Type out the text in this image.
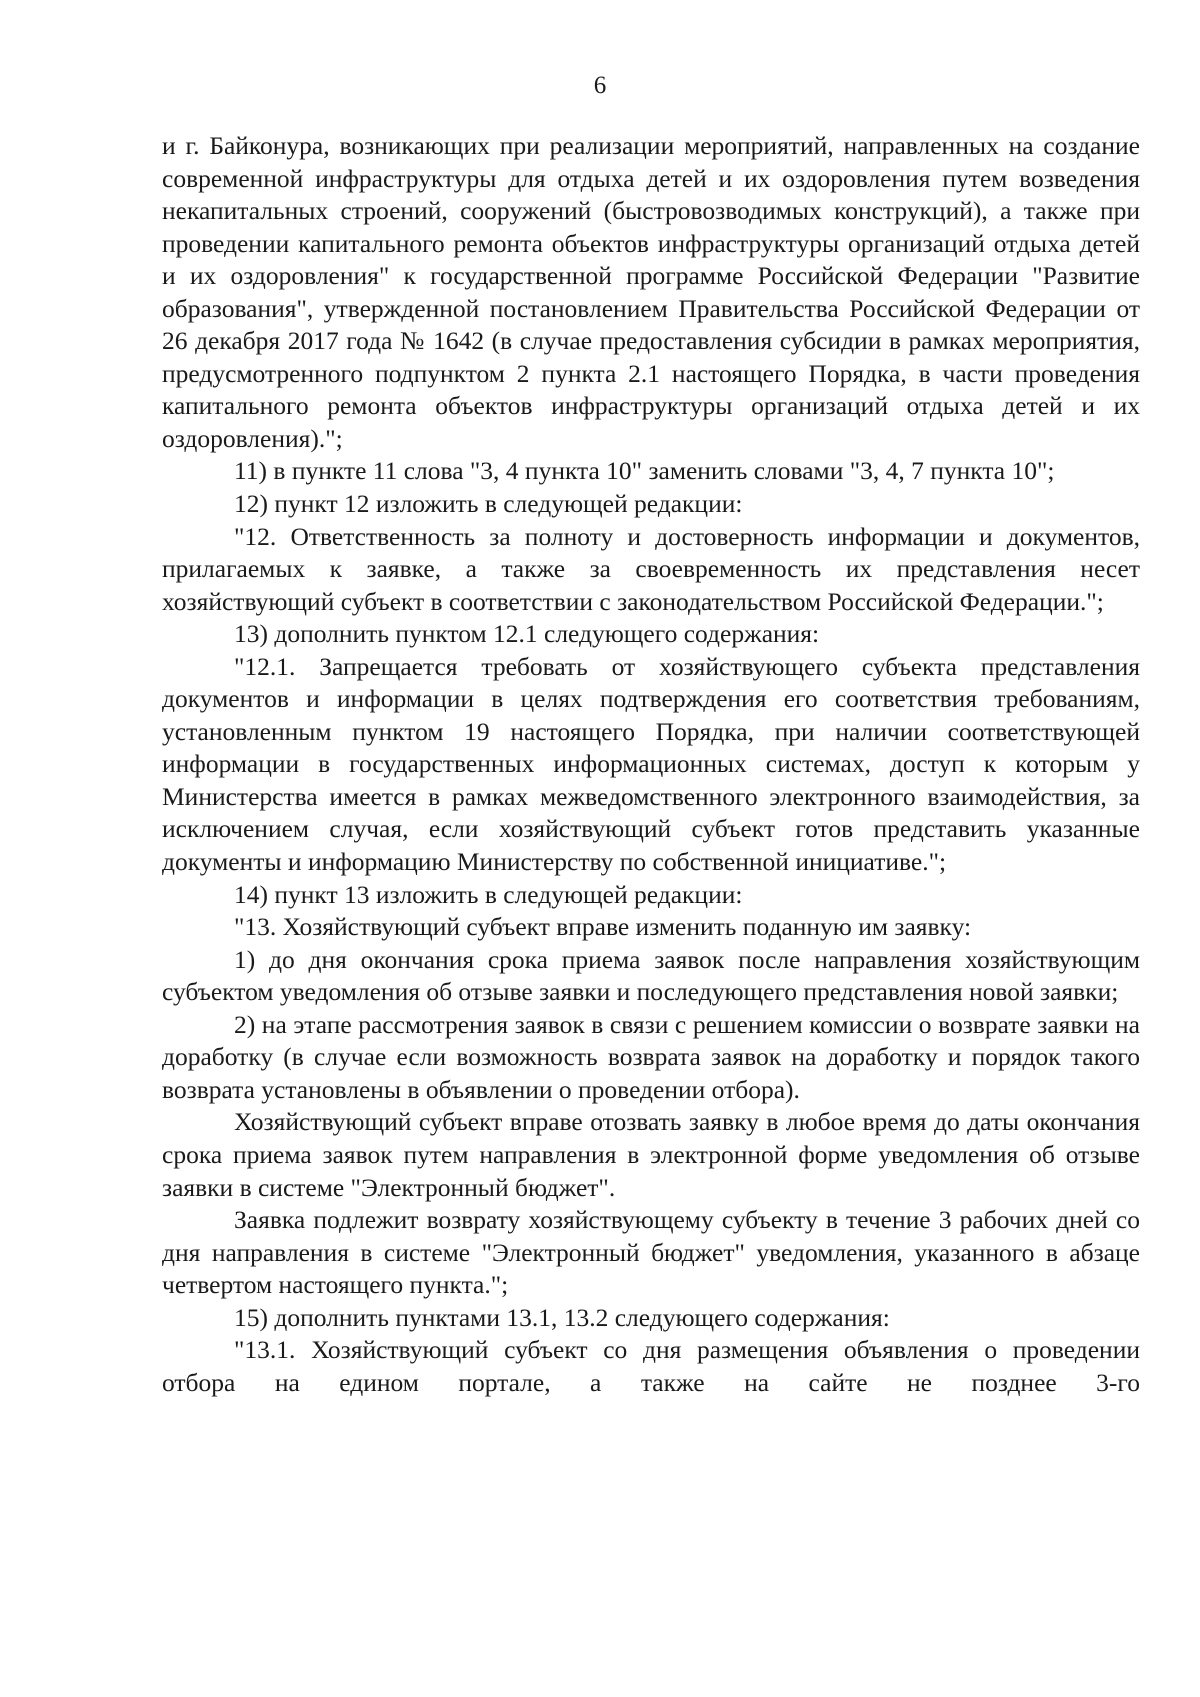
6

и г. Байконура, возникающих при реализации мероприятий, направленных на создание современной инфраструктуры для отдыха детей и их оздоровления путем возведения некапитальных строений, сооружений (быстровозводимых конструкций), а также при проведении капитального ремонта объектов инфраструктуры организаций отдыха детей и их оздоровления" к государственной программе Российской Федерации "Развитие образования", утвержденной постановлением Правительства Российской Федерации от 26 декабря 2017 года № 1642 (в случае предоставления субсидии в рамках мероприятия, предусмотренного подпунктом 2 пункта 2.1 настоящего Порядка, в части проведения капитального ремонта объектов инфраструктуры организаций отдыха детей и их оздоровления).";

11) в пункте 11 слова "3, 4 пункта 10" заменить словами "3, 4, 7 пункта 10";

12) пункт 12 изложить в следующей редакции:

"12. Ответственность за полноту и достоверность информации и документов, прилагаемых к заявке, а также за своевременность их представления несет хозяйствующий субъект в соответствии с законодательством Российской Федерации.";

13) дополнить пунктом 12.1 следующего содержания:

"12.1. Запрещается требовать от хозяйствующего субъекта представления документов и информации в целях подтверждения его соответствия требованиям, установленным пунктом 19 настоящего Порядка, при наличии соответствующей информации в государственных информационных системах, доступ к которым у Министерства имеется в рамках межведомственного электронного взаимодействия, за исключением случая, если хозяйствующий субъект готов представить указанные документы и информацию Министерству по собственной инициативе.";

14) пункт 13 изложить в следующей редакции:

"13. Хозяйствующий субъект вправе изменить поданную им заявку:

1) до дня окончания срока приема заявок после направления хозяйствующим субъектом уведомления об отзыве заявки и последующего представления новой заявки;

2) на этапе рассмотрения заявок в связи с решением комиссии о возврате заявки на доработку (в случае если возможность возврата заявок на доработку и порядок такого возврата установлены в объявлении о проведении отбора).

Хозяйствующий субъект вправе отозвать заявку в любое время до даты окончания срока приема заявок путем направления в электронной форме уведомления об отзыве заявки в системе "Электронный бюджет".

Заявка подлежит возврату хозяйствующему субъекту в течение 3 рабочих дней со дня направления в системе "Электронный бюджет" уведомления, указанного в абзаце четвертом настоящего пункта.";

15) дополнить пунктами 13.1, 13.2 следующего содержания:

"13.1. Хозяйствующий субъект со дня размещения объявления о проведении отбора на едином портале, а также на сайте не позднее 3-го
